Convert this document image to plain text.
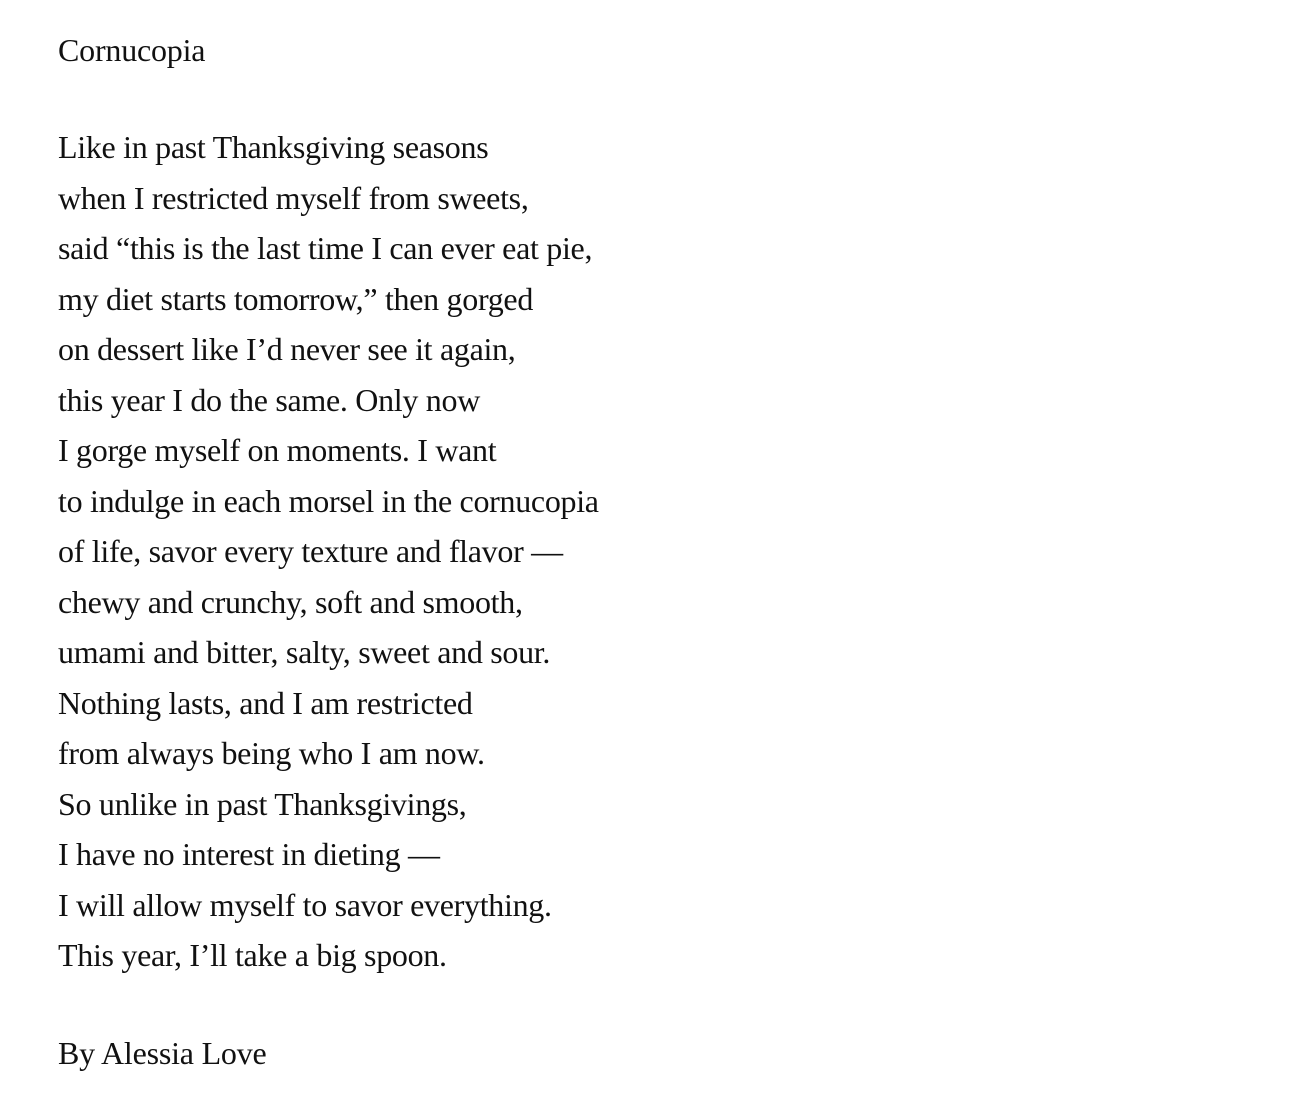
Cornucopia
Like in past Thanksgiving seasons
when I restricted myself from sweets,
said “this is the last time I can ever eat pie,
my diet starts tomorrow,” then gorged
on dessert like I’d never see it again,
this year I do the same. Only now
I gorge myself on moments. I want
to indulge in each morsel in the cornucopia
of life, savor every texture and flavor —
chewy and crunchy, soft and smooth,
umami and bitter, salty, sweet and sour.
Nothing lasts, and I am restricted
from always being who I am now.
So unlike in past Thanksgivings,
I have no interest in dieting —
I will allow myself to savor everything.
This year, I’ll take a big spoon.

By Alessia Love
